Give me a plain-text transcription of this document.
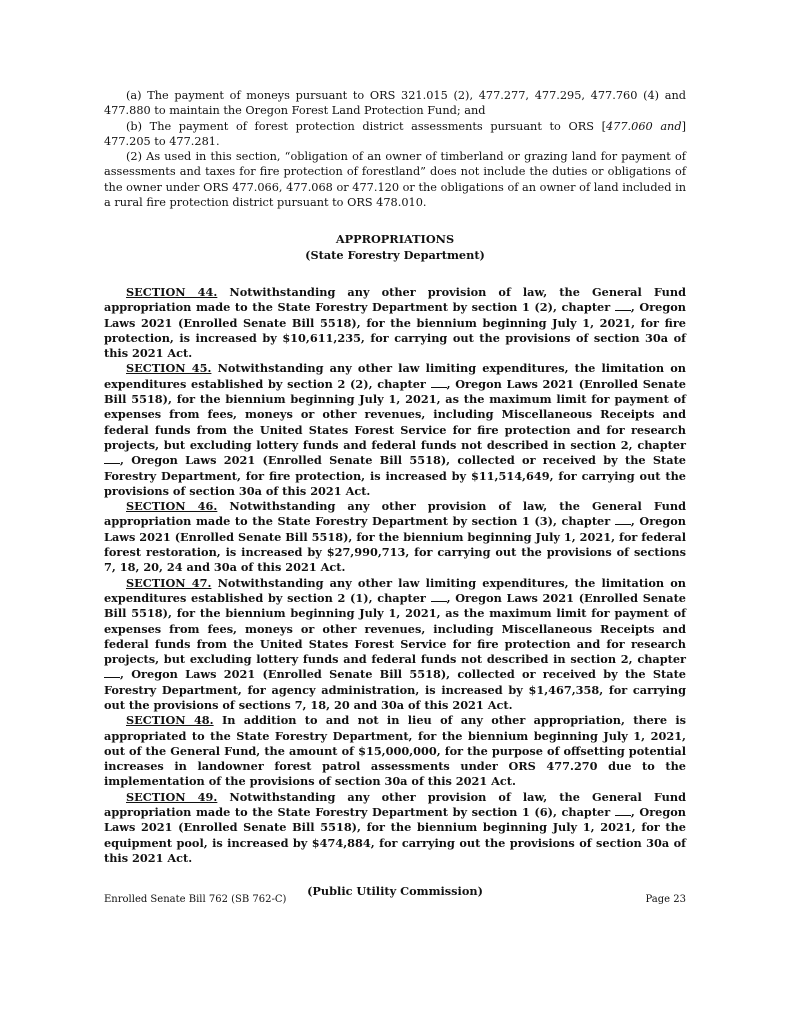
(a) The payment of moneys pursuant to ORS 321.015 (2), 477.277, 477.295, 477.760 (4) and 477.880 to maintain the Oregon Forest Land Protection Fund; and

(b) The payment of forest protection district assessments pursuant to ORS [477.060 and] 477.205 to 477.281.

(2) As used in this section, “obligation of an owner of timberland or grazing land for payment of assessments and taxes for fire protection of forestland” does not include the duties or obligations of the owner under ORS 477.066, 477.068 or 477.120 or the obligations of an owner of land included in a rural fire protection district pursuant to ORS 478.010.

APPROPRIATIONS

(State Forestry Department)

SECTION 44. Notwithstanding any other provision of law, the General Fund appropriation made to the State Forestry Department by section 1 (2), chapter , Oregon Laws 2021 (Enrolled Senate Bill 5518), for the biennium beginning July 1, 2021, for fire protection, is increased by $10,611,235, for carrying out the provisions of section 30a of this 2021 Act.

SECTION 45. Notwithstanding any other law limiting expenditures, the limitation on expenditures established by section 2 (2), chapter , Oregon Laws 2021 (Enrolled Senate Bill 5518), for the biennium beginning July 1, 2021, as the maximum limit for payment of expenses from fees, moneys or other revenues, including Miscellaneous Receipts and federal funds from the United States Forest Service for fire protection and for research projects, but excluding lottery funds and federal funds not described in section 2, chapter , Oregon Laws 2021 (Enrolled Senate Bill 5518), collected or received by the State Forestry Department, for fire protection, is increased by $11,514,649, for carrying out the provisions of section 30a of this 2021 Act.

SECTION 46. Notwithstanding any other provision of law, the General Fund appropriation made to the State Forestry Department by section 1 (3), chapter , Oregon Laws 2021 (Enrolled Senate Bill 5518), for the biennium beginning July 1, 2021, for federal forest restoration, is increased by $27,990,713, for carrying out the provisions of sections 7, 18, 20, 24 and 30a of this 2021 Act.

SECTION 47. Notwithstanding any other law limiting expenditures, the limitation on expenditures established by section 2 (1), chapter , Oregon Laws 2021 (Enrolled Senate Bill 5518), for the biennium beginning July 1, 2021, as the maximum limit for payment of expenses from fees, moneys or other revenues, including Miscellaneous Receipts and federal funds from the United States Forest Service for fire protection and for research projects, but excluding lottery funds and federal funds not described in section 2, chapter , Oregon Laws 2021 (Enrolled Senate Bill 5518), collected or received by the State Forestry Department, for agency administration, is increased by $1,467,358, for carrying out the provisions of sections 7, 18, 20 and 30a of this 2021 Act.

SECTION 48. In addition to and not in lieu of any other appropriation, there is appropriated to the State Forestry Department, for the biennium beginning July 1, 2021, out of the General Fund, the amount of $15,000,000, for the purpose of offsetting potential increases in landowner forest patrol assessments under ORS 477.270 due to the implementation of the provisions of section 30a of this 2021 Act.

SECTION 49. Notwithstanding any other provision of law, the General Fund appropriation made to the State Forestry Department by section 1 (6), chapter , Oregon Laws 2021 (Enrolled Senate Bill 5518), for the biennium beginning July 1, 2021, for the equipment pool, is increased by $474,884, for carrying out the provisions of section 30a of this 2021 Act.

(Public Utility Commission)

Enrolled Senate Bill 762 (SB 762-C)	Page 23
